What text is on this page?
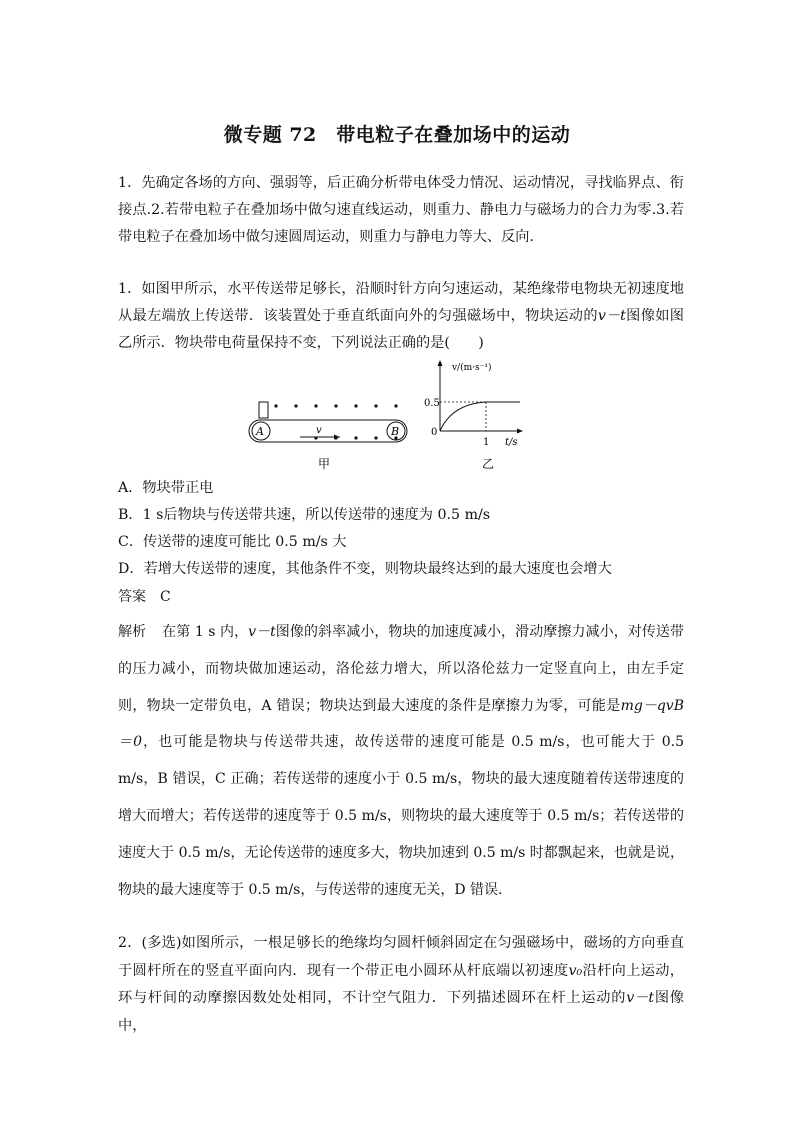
微专题 72　带电粒子在叠加场中的运动

1．先确定各场的方向、强弱等，后正确分析带电体受力情况、运动情况，寻找临界点、衔接点.2.若带电粒子在叠加场中做匀速直线运动，则重力、静电力与磁场力的合力为零.3.若带电粒子在叠加场中做匀速圆周运动，则重力与静电力等大、反向．

1．如图甲所示，水平传送带足够长，沿顺时针方向匀速运动，某绝缘带电物块无初速度地从最左端放上传送带．该装置处于垂直纸面向外的匀强磁场中，物块运动的v－t图像如图乙所示．物块带电荷量保持不变，下列说法正确的是(　　)

A	B
v
甲
v/(m·s⁻¹)
0.5
0
1 t/s
乙

A．物块带正电

B．1 s后物块与传送带共速，所以传送带的速度为 0.5 m/s

C．传送带的速度可能比 0.5 m/s 大

D．若增大传送带的速度，其他条件不变，则物块最终达到的最大速度也会增大

答案 C

解析 在第 1 s 内，v－t图像的斜率减小，物块的加速度减小，滑动摩擦力减小，对传送带的压力减小，而物块做加速运动，洛伦兹力增大，所以洛伦兹力一定竖直向上，由左手定则，物块一定带负电，A 错误；物块达到最大速度的条件是摩擦力为零，可能是mg－qvB＝0，也可能是物块与传送带共速，故传送带的速度可能是 0.5 m/s，也可能大于 0.5 m/s，B 错误，C 正确；若传送带的速度小于 0.5 m/s，物块的最大速度随着传送带速度的增大而增大；若传送带的速度等于 0.5 m/s，则物块的最大速度等于 0.5 m/s；若传送带的速度大于 0.5 m/s，无论传送带的速度多大，物块加速到 0.5 m/s 时都飘起来，也就是说，物块的最大速度等于 0.5 m/s，与传送带的速度无关，D 错误.

2．(多选)如图所示，一根足够长的绝缘均匀圆杆倾斜固定在匀强磁场中，磁场的方向垂直于圆杆所在的竖直平面向内．现有一个带正电小圆环从杆底端以初速度v₀沿杆向上运动，环与杆间的动摩擦因数处处相同，不计空气阻力．下列描述圆环在杆上运动的v－t图像中，
